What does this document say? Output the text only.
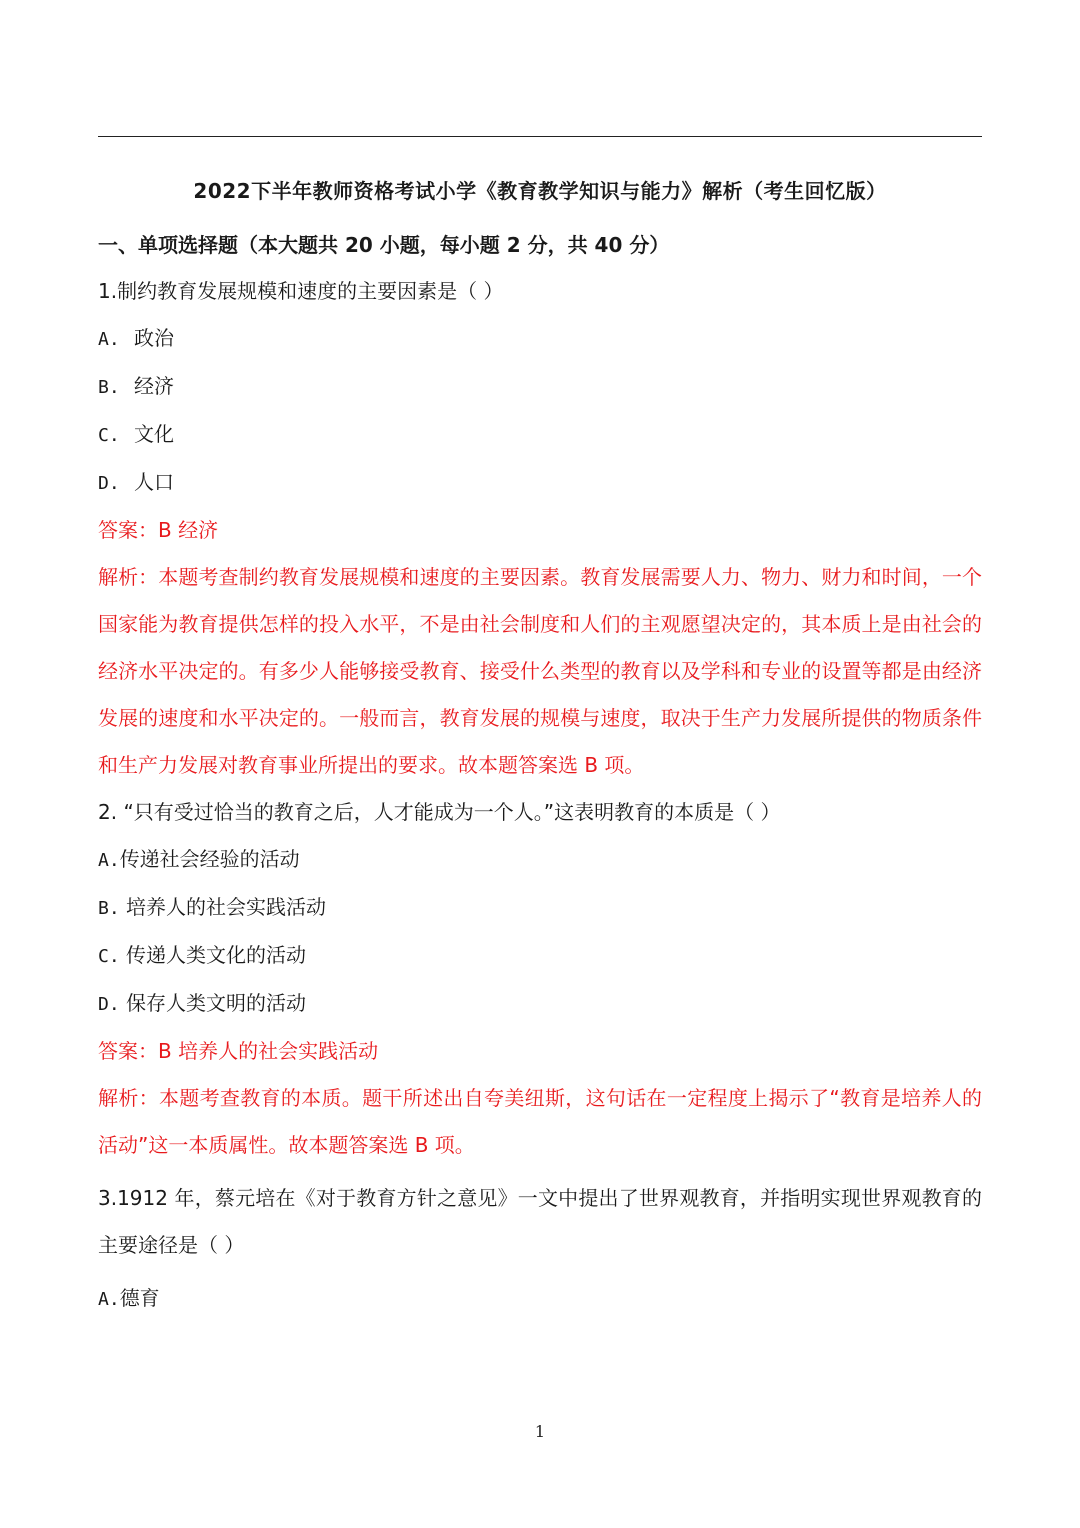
2022下半年教师资格考试小学《教育教学知识与能力》解析（考生回忆版）

一、单项选择题（本大题共 20 小题，每小题 2 分，共 40 分）

1.制约教育发展规模和速度的主要因素是（ ）

A. 政治

B. 经济

C. 文化

D. 人口

答案：B 经济

解析：本题考查制约教育发展规模和速度的主要因素。教育发展需要人力、物力、财力和时间，一个国家能为教育提供怎样的投入水平，不是由社会制度和人们的主观愿望决定的，其本质上是由社会的经济水平决定的。有多少人能够接受教育、接受什么类型的教育以及学科和专业的设置等都是由经济发展的速度和水平决定的。一般而言，教育发展的规模与速度，取决于生产力发展所提供的物质条件和生产力发展对教育事业所提出的要求。故本题答案选 B 项。

2. “只有受过恰当的教育之后，人才能成为一个人。”这表明教育的本质是（ ）

A.传递社会经验的活动

B. 培养人的社会实践活动

C. 传递人类文化的活动

D. 保存人类文明的活动

答案：B 培养人的社会实践活动

解析：本题考查教育的本质。题干所述出自夸美纽斯，这句话在一定程度上揭示了“教育是培养人的活动”这一本质属性。故本题答案选 B 项。

3.1912 年，蔡元培在《对于教育方针之意见》一文中提出了世界观教育，并指明实现世界观教育的主要途径是（ ）

A.德育

1
